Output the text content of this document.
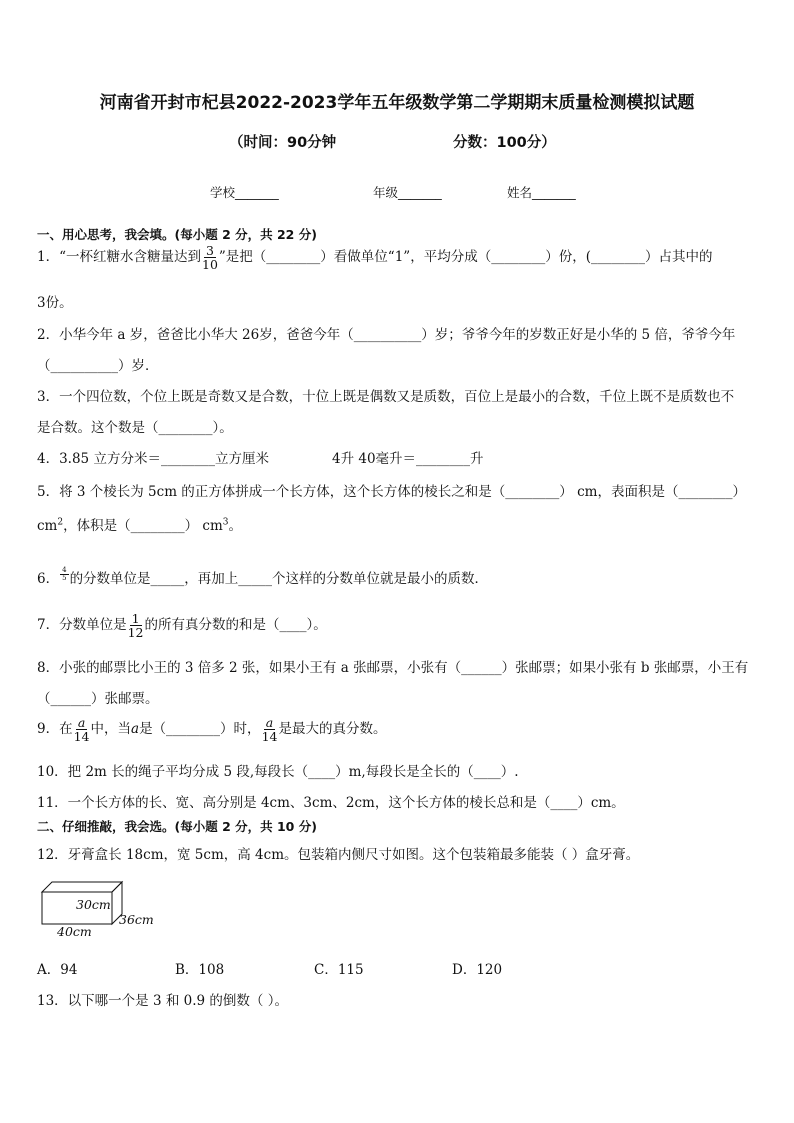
河南省开封市杞县2022-2023学年五年级数学第二学期期末质量检测模拟试题
（时间：90分钟	分数：100分）
学校_______	年级_______	姓名_______
一、用心思考，我会填。(每小题 2 分，共 22 分)
1．“一杯红糖水含糖量达到 $\frac{3}{10}$ ”是把（________）看做单位“1”，平均分成（________）份，(________）占其中的
3份。
2．小华今年 a 岁，爸爸比小华大 26岁，爸爸今年（__________）岁；爷爷今年的岁数正好是小华的 5 倍，爷爷今年
（__________）岁．
3．一个四位数，个位上既是奇数又是合数，十位上既是偶数又是质数，百位上是最小的合数，千位上既不是质数也不
是合数。这个数是（________）。
4．3.85 立方分米＝________立方厘米	4升 40毫升＝________升
5．将 3 个棱长为 5cm 的正方体拼成一个长方体，这个长方体的棱长之和是（________） cm，表面积是（________）
$cm^2$，体积是（________） $cm^3$。
6． $\frac{4}{5}$ 的分数单位是_____，再加上_____个这样的分数单位就是最小的质数．
7．分数单位是 $\frac{1}{12}$ 的所有真分数的和是（____）。
8．小张的邮票比小王的 3 倍多 2 张，如果小王有 a 张邮票，小张有（______）张邮票；如果小张有 b 张邮票，小王有
（______）张邮票。
9．在 $\frac{a}{14}$ 中，当a是（________）时， $\frac{a}{14}$ 是最大的真分数。
10．把 2m 长的绳子平均分成 5 段,每段长（____）m,每段长是全长的（____）.
11．一个长方体的长、宽、高分别是 4cm、3cm、2cm，这个长方体的棱长总和是（____）cm。
二、仔细推敲，我会选。(每小题 2 分，共 10 分)
12．牙膏盒长 18cm，宽 5cm，高 4cm。包装箱内侧尺寸如图。这个包装箱最多能装（ ）盒牙膏。
30cm
36cm
40cm
A．94	B．108	C．115	D．120
13．以下哪一个是 3 和 0.9 的倒数（ ）。
